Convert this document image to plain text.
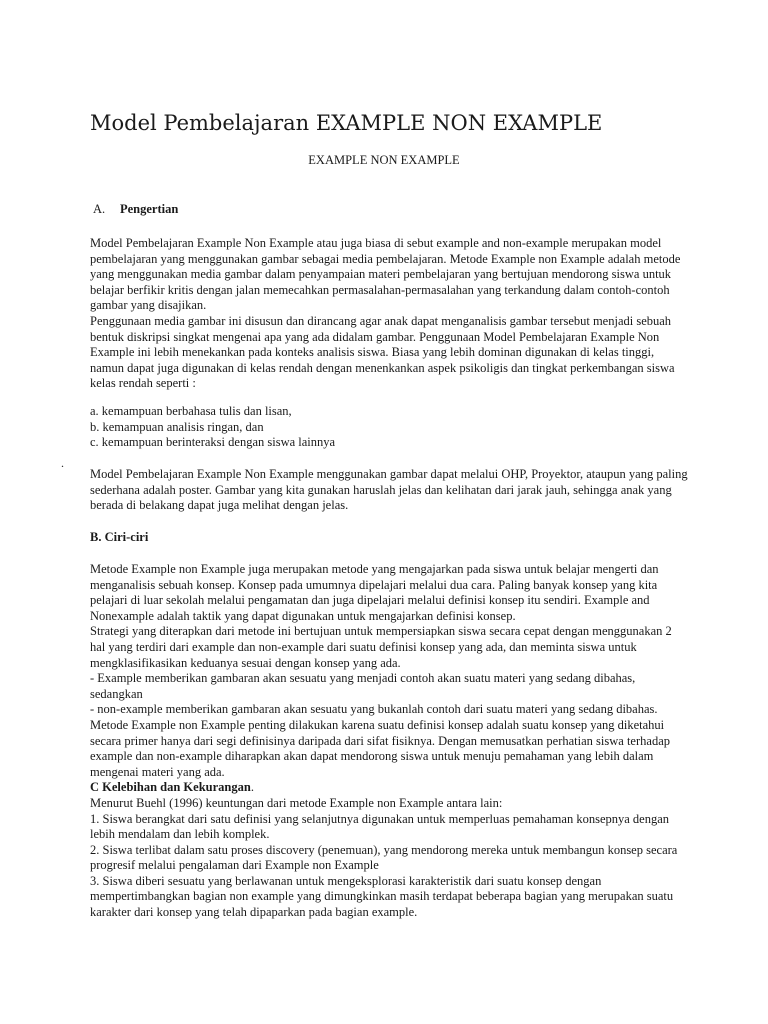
Model Pembelajaran EXAMPLE NON EXAMPLE
EXAMPLE NON EXAMPLE
A. Pengertian

Model Pembelajaran Example Non Example atau juga biasa di sebut example and non-example merupakan model pembelajaran yang menggunakan gambar sebagai media pembelajaran. Metode Example non Example adalah metode yang menggunakan media gambar dalam penyampaian materi pembelajaran yang bertujuan mendorong siswa untuk belajar berfikir kritis dengan jalan memecahkan permasalahan-permasalahan yang terkandung dalam contoh-contoh gambar yang disajikan.

Penggunaan media gambar ini disusun dan dirancang agar anak dapat menganalisis gambar tersebut menjadi sebuah bentuk diskripsi singkat mengenai apa yang ada didalam gambar. Penggunaan Model Pembelajaran Example Non Example ini lebih menekankan pada konteks analisis siswa. Biasa yang lebih dominan digunakan di kelas tinggi, namun dapat juga digunakan di kelas rendah dengan menenkankan aspek psikoligis dan tingkat perkembangan siswa kelas rendah seperti :

a. kemampuan berbahasa tulis dan lisan,

b. kemampuan analisis ringan, dan

c. kemampuan berinteraksi dengan siswa lainnya

.

Model Pembelajaran Example Non Example menggunakan gambar dapat melalui OHP, Proyektor, ataupun yang paling sederhana adalah poster. Gambar yang kita gunakan haruslah jelas dan kelihatan dari jarak jauh, sehingga anak yang berada di belakang dapat juga melihat dengan jelas.

B. Ciri-ciri

Metode Example non Example juga merupakan metode yang mengajarkan pada siswa untuk belajar mengerti dan menganalisis sebuah konsep. Konsep pada umumnya dipelajari melalui dua cara. Paling banyak konsep yang kita pelajari di luar sekolah melalui pengamatan dan juga dipelajari melalui definisi konsep itu sendiri. Example and Nonexample adalah taktik yang dapat digunakan untuk mengajarkan definisi konsep.

Strategi yang diterapkan dari metode ini bertujuan untuk mempersiapkan siswa secara cepat dengan menggunakan 2 hal yang terdiri dari example dan non-example dari suatu definisi konsep yang ada, dan meminta siswa untuk mengklasifikasikan keduanya sesuai dengan konsep yang ada.

- Example memberikan gambaran akan sesuatu yang menjadi contoh akan suatu materi yang sedang dibahas, sedangkan

- non-example memberikan gambaran akan sesuatu yang bukanlah contoh dari suatu materi yang sedang dibahas.

Metode Example non Example penting dilakukan karena suatu definisi konsep adalah suatu konsep yang diketahui secara primer hanya dari segi definisinya daripada dari sifat fisiknya. Dengan memusatkan perhatian siswa terhadap example dan non-example diharapkan akan dapat mendorong siswa untuk menuju pemahaman yang lebih dalam mengenai materi yang ada.

C Kelebihan dan Kekurangan.

Menurut Buehl (1996) keuntungan dari metode Example non Example antara lain:

1. Siswa berangkat dari satu definisi yang selanjutnya digunakan untuk memperluas pemahaman konsepnya dengan lebih mendalam dan lebih komplek.

2. Siswa terlibat dalam satu proses discovery (penemuan), yang mendorong mereka untuk membangun konsep secara progresif melalui pengalaman dari Example non Example

3. Siswa diberi sesuatu yang berlawanan untuk mengeksplorasi karakteristik dari suatu konsep dengan mempertimbangkan bagian non example yang dimungkinkan masih terdapat beberapa bagian yang merupakan suatu karakter dari konsep yang telah dipaparkan pada bagian example.
